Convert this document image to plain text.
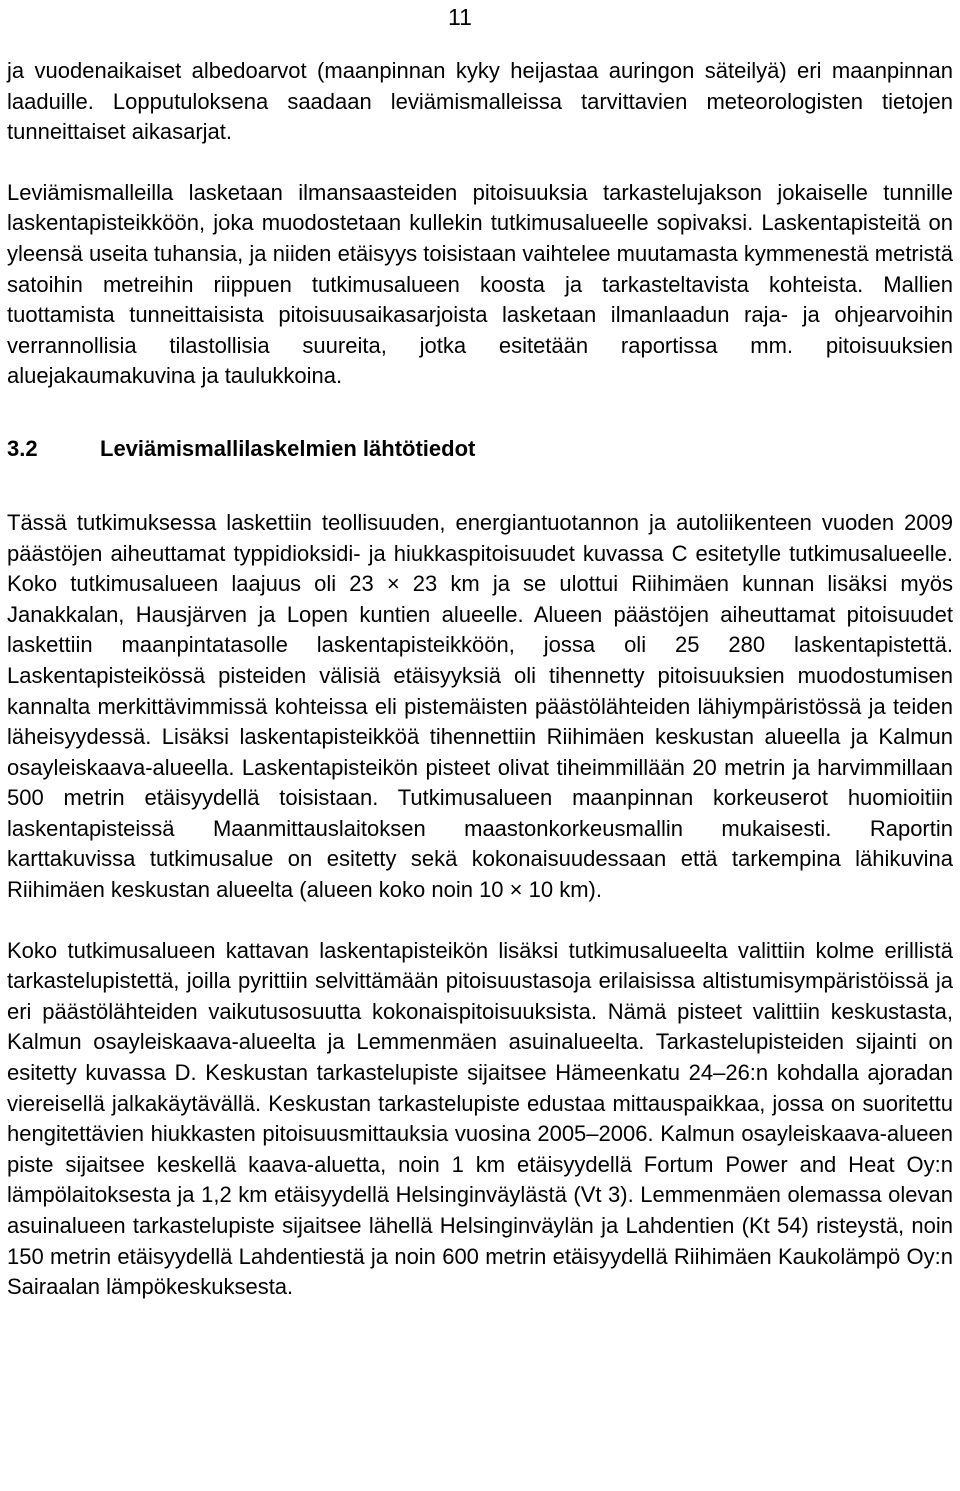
11

ja vuodenaikaiset albedoarvot (maanpinnan kyky heijastaa auringon säteilyä) eri maanpinnan laaduille. Lopputuloksena saadaan leviämismalleissa tarvittavien meteorologisten tietojen tunneittaiset aikasarjat.

Leviämismalleilla lasketaan ilmansaasteiden pitoisuuksia tarkastelujakson jokaiselle tunnille laskentapisteikköön, joka muodostetaan kullekin tutkimusalueelle sopivaksi. Laskentapisteitä on yleensä useita tuhansia, ja niiden etäisyys toisistaan vaihtelee muutamasta kymmenestä metristä satoihin metreihin riippuen tutkimusalueen koosta ja tarkasteltavista kohteista. Mallien tuottamista tunneittaisista pitoisuusaikasarjoista lasketaan ilmanlaadun raja- ja ohjearvoihin verrannollisia tilastollisia suureita, jotka esitetään raportissa mm. pitoisuuksien aluejakaumakuvina ja taulukkoina.

3.2	Leviämismallilaskelmien lähtötiedot

Tässä tutkimuksessa laskettiin teollisuuden, energiantuotannon ja autoliikenteen vuoden 2009 päästöjen aiheuttamat typpidioksidi- ja hiukkaspitoisuudet kuvassa C esitetylle tutkimusalueelle. Koko tutkimusalueen laajuus oli 23 × 23 km ja se ulottui Riihimäen kunnan lisäksi myös Janakkalan, Hausjärven ja Lopen kuntien alueelle. Alueen päästöjen aiheuttamat pitoisuudet laskettiin maanpintatasolle laskentapisteikköön, jossa oli 25 280 laskentapistettä. Laskentapisteikössä pisteiden välisiä etäisyyksiä oli tihennetty pitoisuuksien muodostumisen kannalta merkittävimmissä kohteissa eli pistemäisten päästölähteiden lähiympäristössä ja teiden läheisyydessä. Lisäksi laskentapisteikköä tihennettiin Riihimäen keskustan alueella ja Kalmun osayleiskaava-alueella. Laskentapisteikön pisteet olivat tiheimmillään 20 metrin ja harvimmillaan 500 metrin etäisyydellä toisistaan. Tutkimusalueen maanpinnan korkeuserot huomioitiin laskentapisteissä Maanmittauslaitoksen maastonkorkeusmallin mukaisesti. Raportin karttakuvissa tutkimusalue on esitetty sekä kokonaisuudessaan että tarkempina lähikuvina Riihimäen keskustan alueelta (alueen koko noin 10 × 10 km).

Koko tutkimusalueen kattavan laskentapisteikön lisäksi tutkimusalueelta valittiin kolme erillistä tarkastelupistettä, joilla pyrittiin selvittämään pitoisuustasoja erilaisissa altistumisympäristöissä ja eri päästölähteiden vaikutusosuutta kokonaispitoisuuksista. Nämä pisteet valittiin keskustasta, Kalmun osayleiskaava-alueelta ja Lemmenmäen asuinalueelta. Tarkastelupisteiden sijainti on esitetty kuvassa D. Keskustan tarkastelupiste sijaitsee Hämeenkatu 24–26:n kohdalla ajoradan viereisellä jalkakäytävällä. Keskustan tarkastelupiste edustaa mittauspaikkaa, jossa on suoritettu hengitettävien hiukkasten pitoisuusmittauksia vuosina 2005–2006. Kalmun osayleiskaava-alueen piste sijaitsee keskellä kaava-aluetta, noin 1 km etäisyydellä Fortum Power and Heat Oy:n lämpölaitoksesta ja 1,2 km etäisyydellä Helsinginväylästä (Vt 3). Lemmenmäen olemassa olevan asuinalueen tarkastelupiste sijaitsee lähellä Helsinginväylän ja Lahdentien (Kt 54) risteystä, noin 150 metrin etäisyydellä Lahdentiestä ja noin 600 metrin etäisyydellä Riihimäen Kaukolämpö Oy:n Sairaalan lämpökeskuksesta.
